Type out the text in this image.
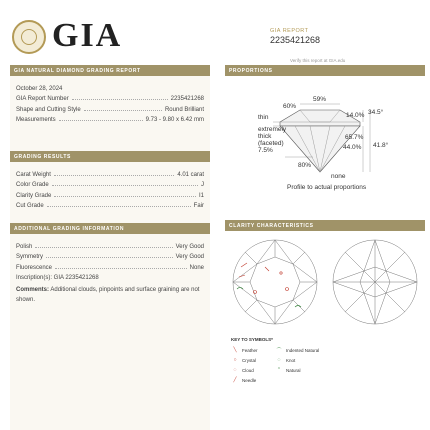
GIA	GIA REPORT
2235421268
Verify this report at GIA.edu
GIA NATURAL DIAMOND GRADING REPORT
October 28, 2024
GIA Report Number	2235421268
Shape and Cutting Style	Round Brilliant
Measurements	9.73 - 9.80 x 6.42 mm
GRADING RESULTS
Carat Weight	4.01 carat
Color Grade	J
Clarity Grade	I1
Cut Grade	Fair
ADDITIONAL GRADING INFORMATION
Polish	Very Good
Symmetry	Very Good
Fluorescence	None
Inscription(s): GIA 2235421268
Comments: Additional clouds, pinpoints and surface graining are not shown.
PROPORTIONS
59%
60%
14.0% 34.5°
thin
extremely
thick
(faceted)
7.5%
65.7%
44.0% 41.8°
80%
none
Profile to actual proportions
CLARITY CHARACTERISTICS
KEY TO SYMBOLS*
╲	Feather	⌒	Indented Natural
○	Crystal	◌	Knot
◌	Cloud	⌃	Natural
╱	Needle
